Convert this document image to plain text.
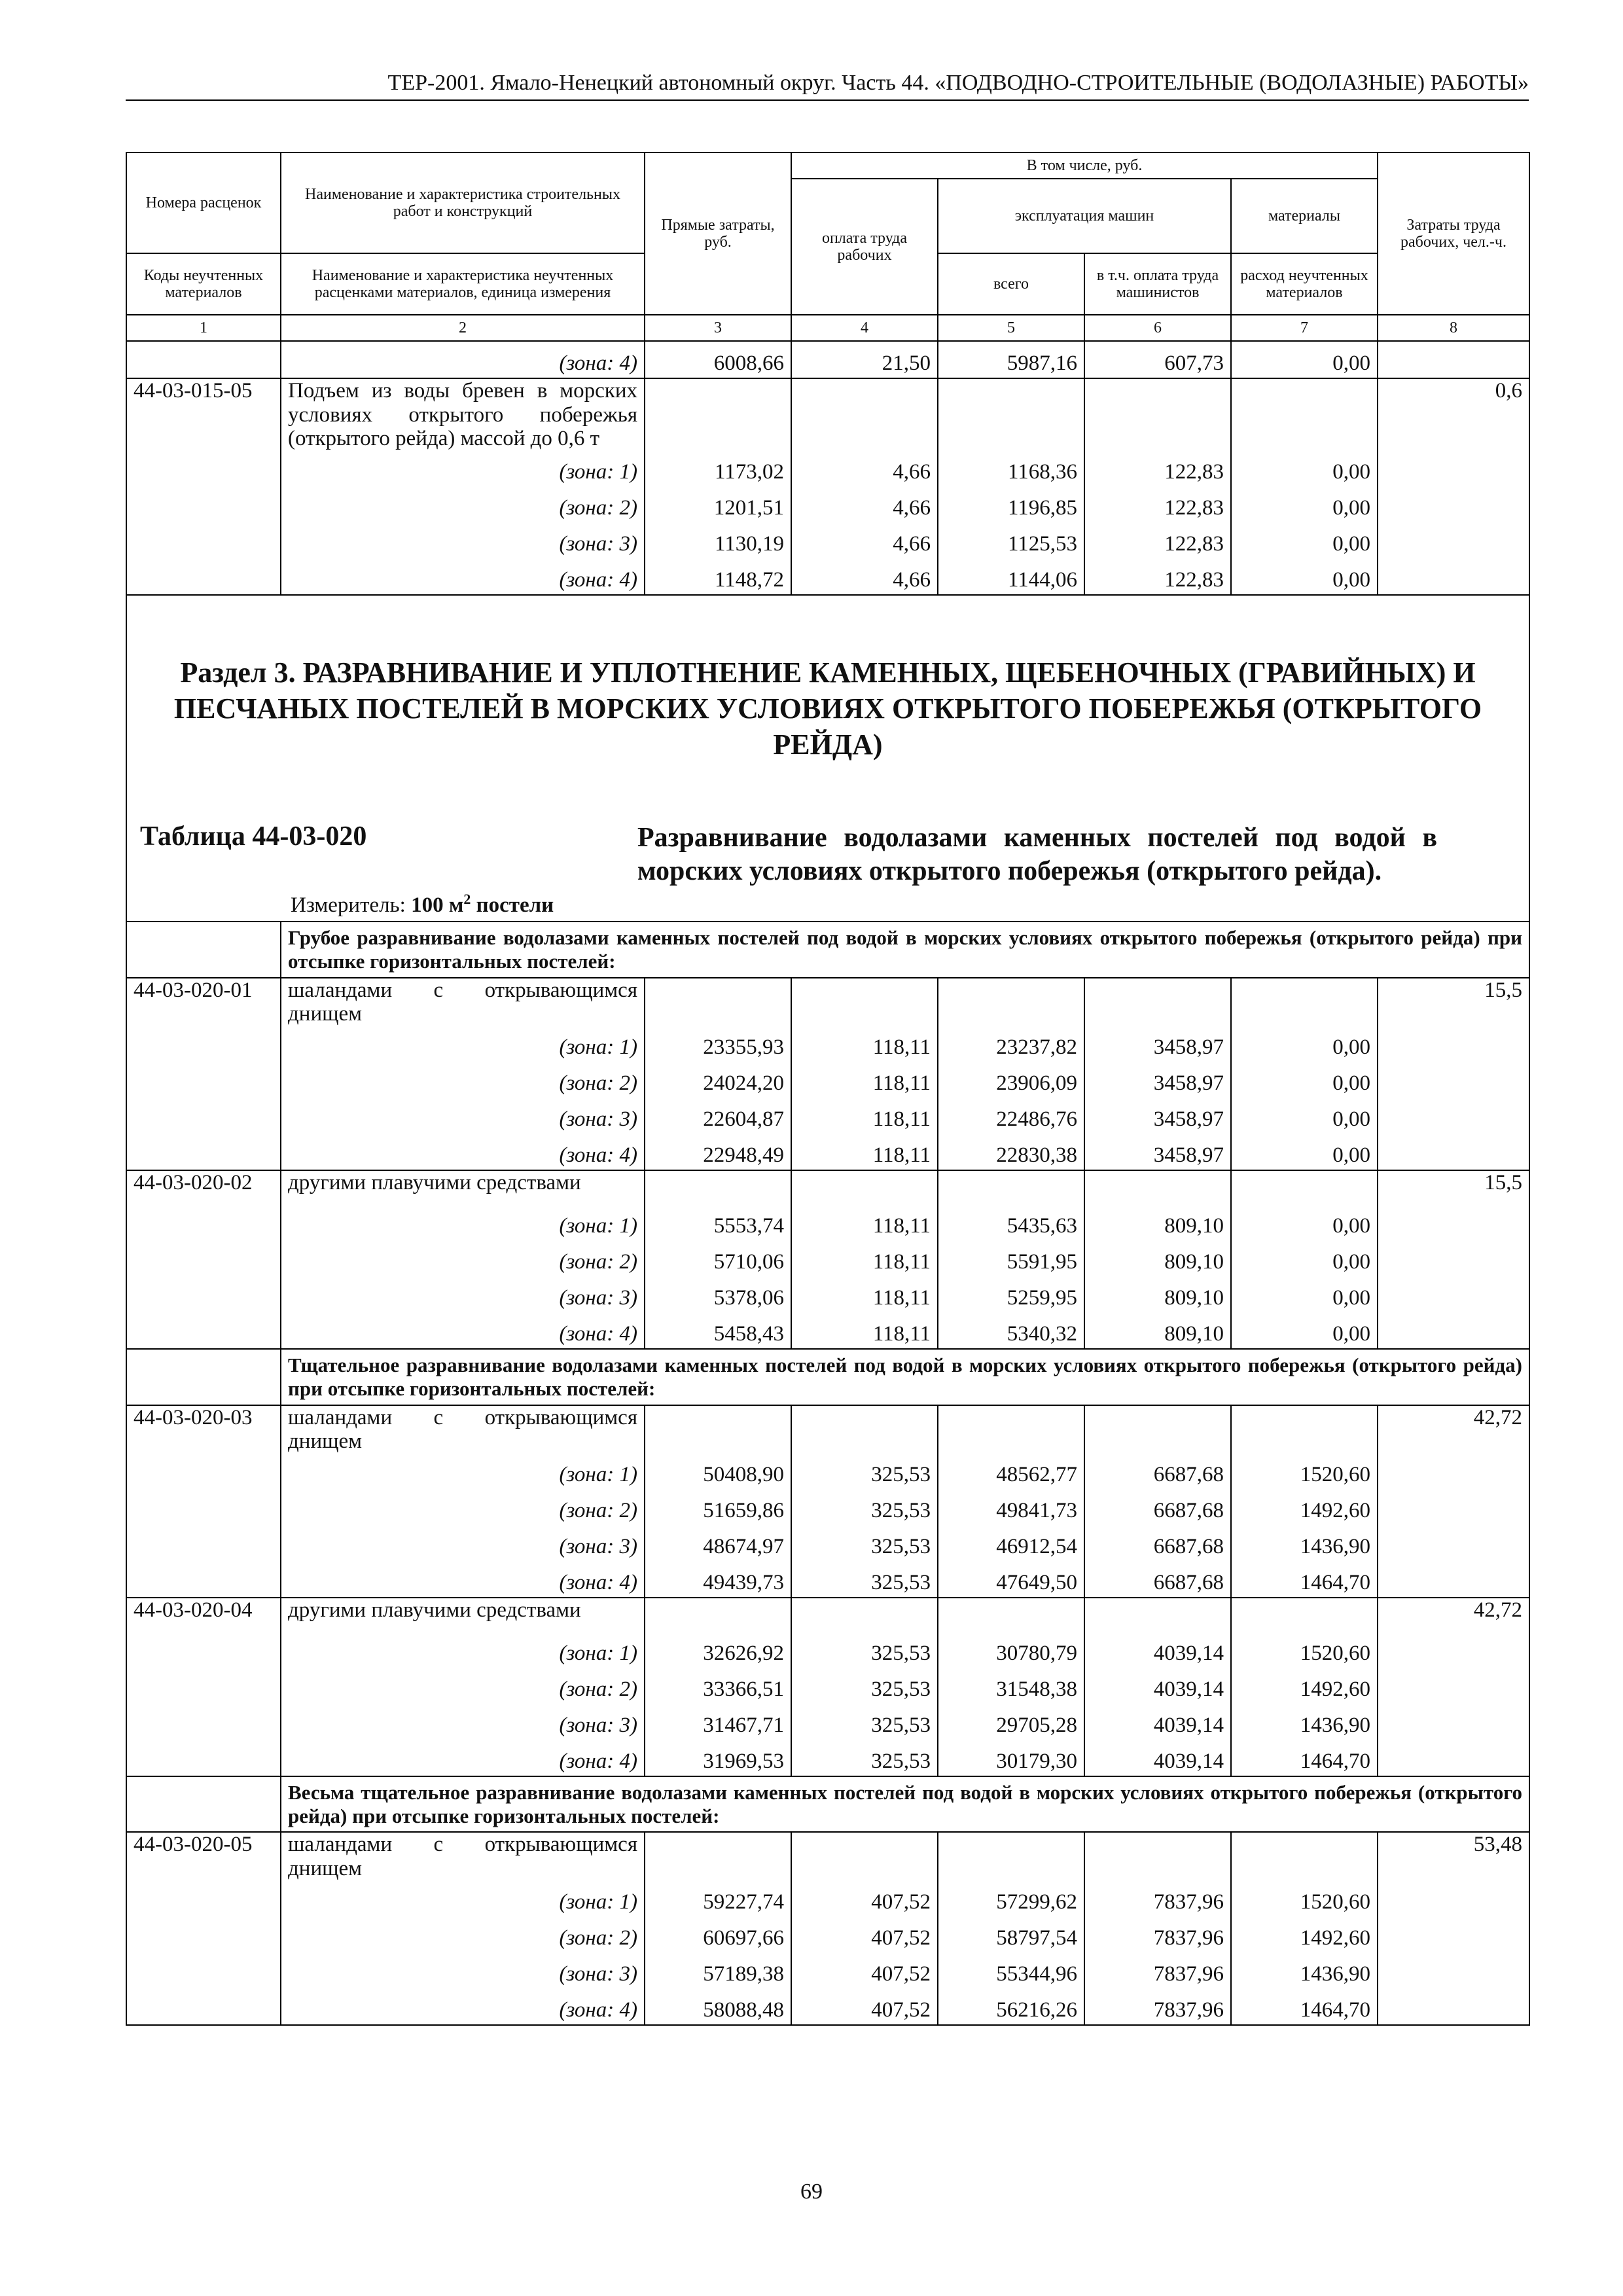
ТЕР-2001. Ямало-Ненецкий автономный округ. Часть 44. «ПОДВОДНО-СТРОИТЕЛЬНЫЕ (ВОДОЛАЗНЫЕ) РАБОТЫ»
Номера расценок	Наименование и характеристика строительных работ и конструкций	Прямые затраты, руб.	В том числе, руб.				Затраты труда рабочих, чел.-ч.
			оплата труда рабочих	эксплуатация машин		материалы	
Коды неучтенных материалов	Наименование и характеристика неучтенных расценками материалов, единица измерения			всего	в т.ч. оплата труда машинистов	расход неучтенных материалов	

1	2	3	4	5	6	7	8
	(зона: 4)	6008,66	21,50	5987,16	607,73	0,00	
44-03-015-05	Подъем из воды бревен в морских условиях открытого побережья (открытого рейда) массой до 0,6 т						0,6
	(зона: 1)	1173,02	4,66	1168,36	122,83	0,00	
	(зона: 2)	1201,51	4,66	1196,85	122,83	0,00	
	(зона: 3)	1130,19	4,66	1125,53	122,83	0,00	
	(зона: 4)	1148,72	4,66	1144,06	122,83	0,00	

Раздел 3. РАЗРАВНИВАНИЕ И УПЛОТНЕНИЕ КАМЕННЫХ, ЩЕБЕНОЧНЫХ (ГРАВИЙНЫХ) И ПЕСЧАНЫХ ПОСТЕЛЕЙ В МОРСКИХ УСЛОВИЯХ ОТКРЫТОГО ПОБЕРЕЖЬЯ (ОТКРЫТОГО РЕЙДА)
Таблица 44-03-020 Разравнивание водолазами каменных постелей под водой в морских условиях открытого побережья (открытого рейда).
Измеритель: 100 $м^2$ постели							

	Грубое разравнивание водолазами каменных постелей под водой в морских условиях открытого побережья (открытого рейда) при отсыпке горизонтальных постелей:						
44-03-020-01	шаландами с открывающимся днищем						15,5
	(зона: 1)	23355,93	118,11	23237,82	3458,97	0,00	
	(зона: 2)	24024,20	118,11	23906,09	3458,97	0,00	
	(зона: 3)	22604,87	118,11	22486,76	3458,97	0,00	
	(зона: 4)	22948,49	118,11	22830,38	3458,97	0,00	
44-03-020-02	другими плавучими средствами						15,5
	(зона: 1)	5553,74	118,11	5435,63	809,10	0,00	
	(зона: 2)	5710,06	118,11	5591,95	809,10	0,00	
	(зона: 3)	5378,06	118,11	5259,95	809,10	0,00	
	(зона: 4)	5458,43	118,11	5340,32	809,10	0,00	
	Тщательное разравнивание водолазами каменных постелей под водой в морских условиях открытого побережья (открытого рейда) при отсыпке горизонтальных постелей:						
44-03-020-03	шаландами с открывающимся днищем						42,72
	(зона: 1)	50408,90	325,53	48562,77	6687,68	1520,60	
	(зона: 2)	51659,86	325,53	49841,73	6687,68	1492,60	
	(зона: 3)	48674,97	325,53	46912,54	6687,68	1436,90	
	(зона: 4)	49439,73	325,53	47649,50	6687,68	1464,70	
44-03-020-04	другими плавучими средствами						42,72
	(зона: 1)	32626,92	325,53	30780,79	4039,14	1520,60	
	(зона: 2)	33366,51	325,53	31548,38	4039,14	1492,60	
	(зона: 3)	31467,71	325,53	29705,28	4039,14	1436,90	
	(зона: 4)	31969,53	325,53	30179,30	4039,14	1464,70	
	Весьма тщательное разравнивание водолазами каменных постелей под водой в морских условиях открытого побережья (открытого рейда) при отсыпке горизонтальных постелей:						
44-03-020-05	шаландами с открывающимся днищем						53,48
	(зона: 1)	59227,74	407,52	57299,62	7837,96	1520,60	
	(зона: 2)	60697,66	407,52	58797,54	7837,96	1492,60	
	(зона: 3)	57189,38	407,52	55344,96	7837,96	1436,90	
	(зона: 4)	58088,48	407,52	56216,26	7837,96	1464,70	
69
